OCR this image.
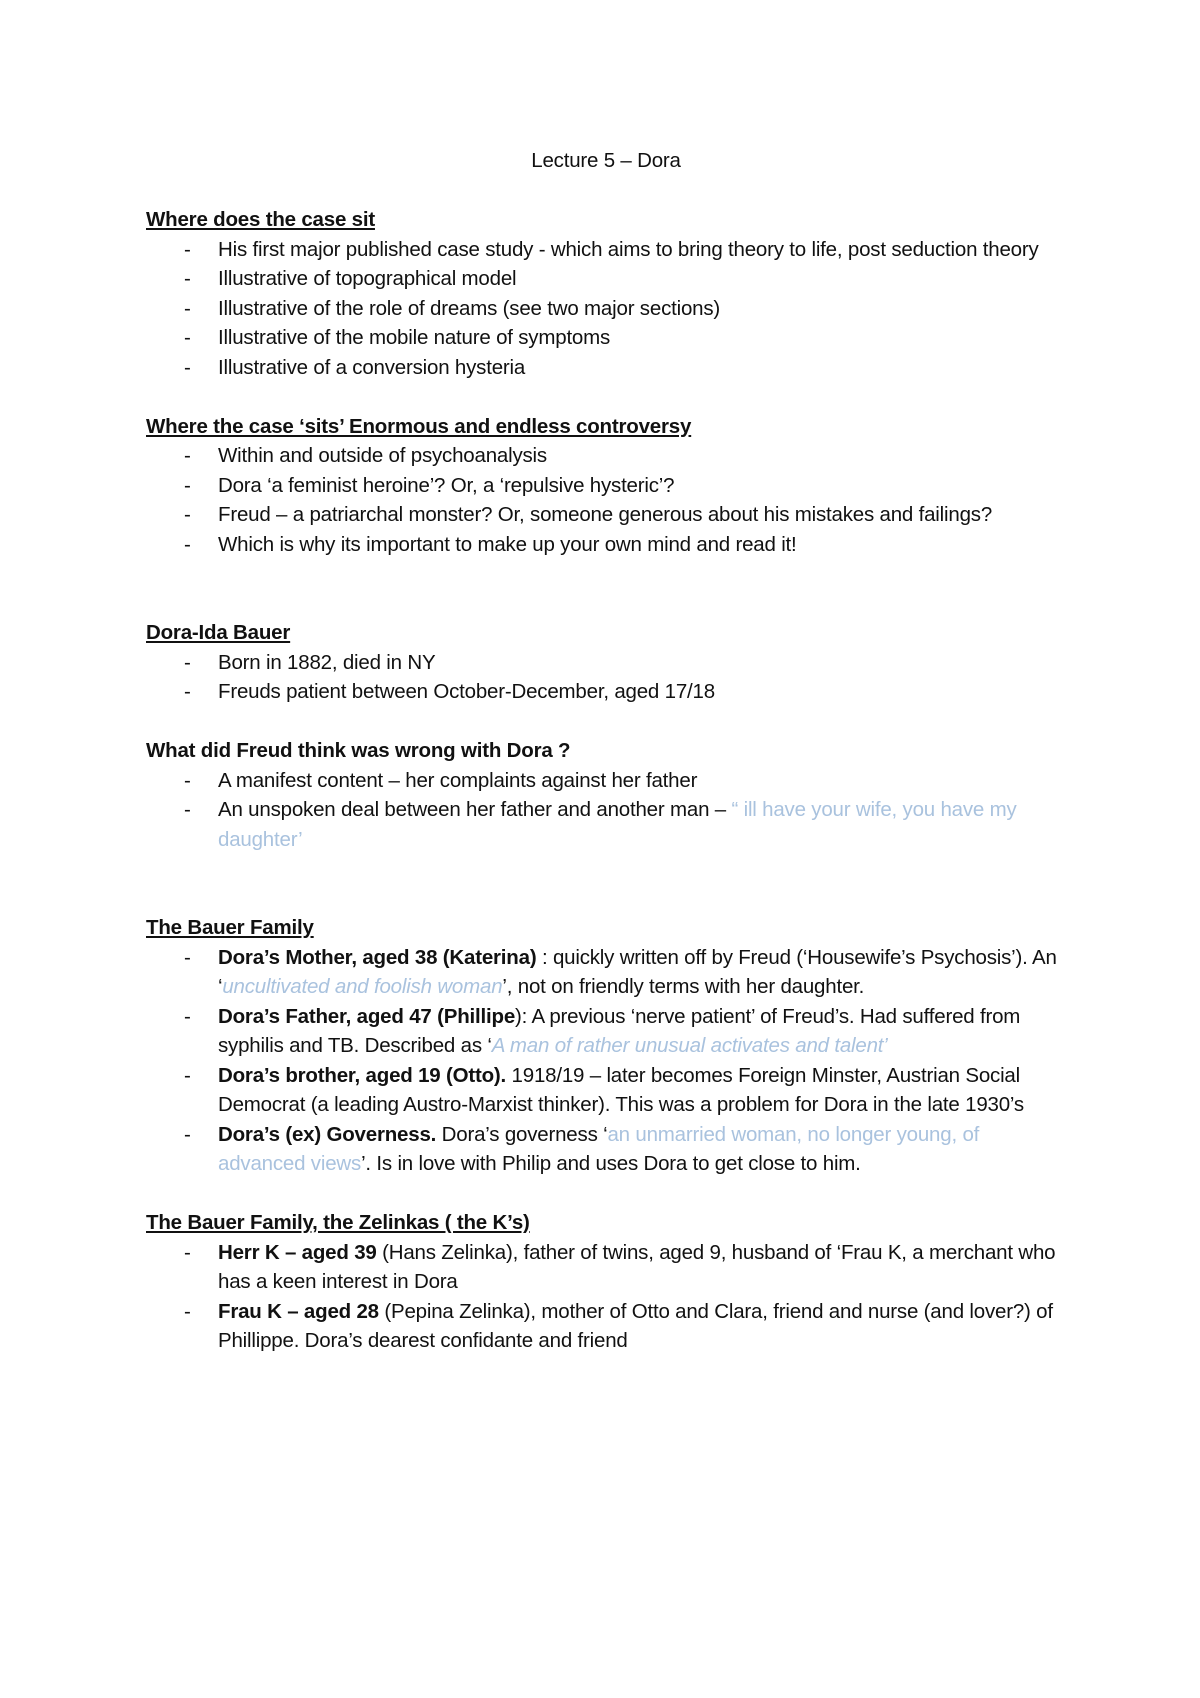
Lecture 5 – Dora

Where does the case sit

- His first major published case study - which aims to bring theory to life, post seduction theory
- Illustrative of topographical model
- Illustrative of the role of dreams (see two major sections)
- Illustrative of the mobile nature of symptoms
- Illustrative of a conversion hysteria

Where the case ‘sits’ Enormous and endless controversy

- Within and outside of psychoanalysis
- Dora ‘a feminist heroine’? Or, a ‘repulsive hysteric’?
- Freud – a patriarchal monster? Or, someone generous about his mistakes and failings?
- Which is why its important to make up your own mind and read it!

Dora-Ida Bauer

- Born in 1882, died in NY
- Freuds patient between October-December, aged 17/18

What did Freud think was wrong with Dora ?

- A manifest content – her complaints against her father
- An unspoken deal between her father and another man – “ ill have your wife, you have my daughter’

The Bauer Family

- Dora’s Mother, aged 38 (Katerina) : quickly written off by Freud (‘Housewife’s Psychosis’). An ‘uncultivated and foolish woman’, not on friendly terms with her daughter.
- Dora’s Father, aged 47 (Phillipe): A previous ‘nerve patient’ of Freud’s. Had suffered from syphilis and TB. Described as ‘A man of rather unusual activates and talent’
- Dora’s brother, aged 19 (Otto). 1918/19 – later becomes Foreign Minster, Austrian Social Democrat (a leading Austro-Marxist thinker). This was a problem for Dora in the late 1930’s
- Dora’s (ex) Governess. Dora’s governess ‘an unmarried woman, no longer young, of advanced views’. Is in love with Philip and uses Dora to get close to him.

The Bauer Family, the Zelinkas ( the K’s)

- Herr K – aged 39 (Hans Zelinka), father of twins, aged 9, husband of ‘Frau K, a merchant who has a keen interest in Dora
- Frau K – aged 28 (Pepina Zelinka), mother of Otto and Clara, friend and nurse (and lover?) of Phillippe. Dora’s dearest confidante and friend
